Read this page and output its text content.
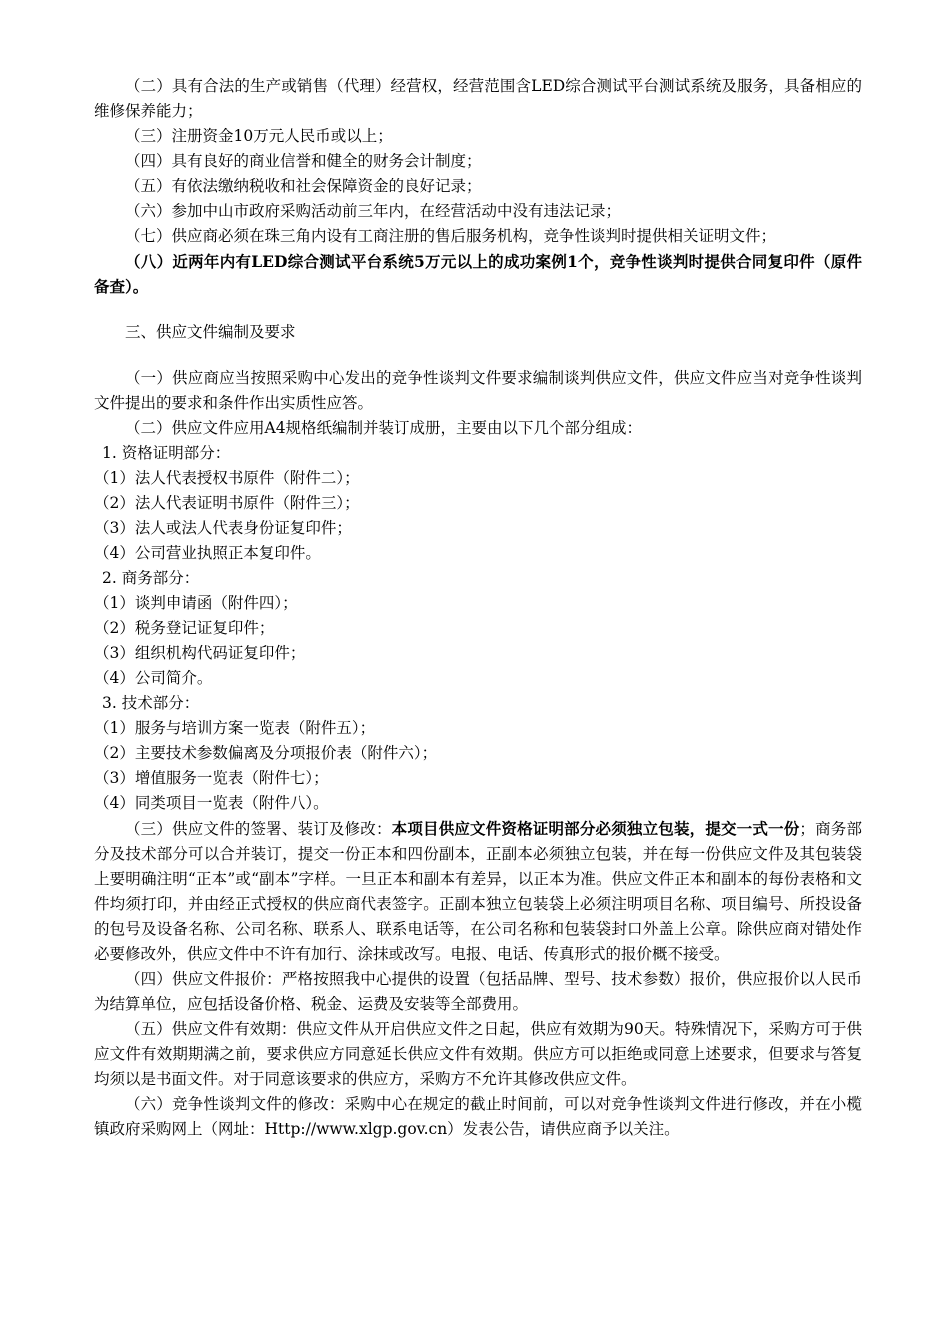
（二）具有合法的生产或销售（代理）经营权，经营范围含LED综合测试平台测试系统及服务，具备相应的维修保养能力；

（三）注册资金10万元人民币或以上；

（四）具有良好的商业信誉和健全的财务会计制度；

（五）有依法缴纳税收和社会保障资金的良好记录；

（六）参加中山市政府采购活动前三年内，在经营活动中没有违法记录；

（七）供应商必须在珠三角内设有工商注册的售后服务机构，竞争性谈判时提供相关证明文件；

（八）近两年内有LED综合测试平台系统5万元以上的成功案例1个，竞争性谈判时提供合同复印件（原件备查）。

三、供应文件编制及要求

（一）供应商应当按照采购中心发出的竞争性谈判文件要求编制谈判供应文件，供应文件应当对竞争性谈判文件提出的要求和条件作出实质性应答。

（二）供应文件应用A4规格纸编制并装订成册，主要由以下几个部分组成：

1. 资格证明部分：

（1）法人代表授权书原件（附件二）；

（2）法人代表证明书原件（附件三）；

（3）法人或法人代表身份证复印件；

（4）公司营业执照正本复印件。

2. 商务部分：

（1）谈判申请函（附件四）；

（2）税务登记证复印件；

（3）组织机构代码证复印件；

（4）公司简介。

3. 技术部分：

（1）服务与培训方案一览表（附件五）；

（2）主要技术参数偏离及分项报价表（附件六）；

（3）增值服务一览表（附件七）；

（4）同类项目一览表（附件八）。

（三）供应文件的签署、装订及修改：本项目供应文件资格证明部分必须独立包装，提交一式一份；商务部分及技术部分可以合并装订，提交一份正本和四份副本，正副本必须独立包装，并在每一份供应文件及其包装袋上要明确注明“正本”或“副本”字样。一旦正本和副本有差异，以正本为准。供应文件正本和副本的每份表格和文件均须打印，并由经正式授权的供应商代表签字。正副本独立包装袋上必须注明项目名称、项目编号、所投设备的包号及设备名称、公司名称、联系人、联系电话等，在公司名称和包装袋封口外盖上公章。除供应商对错处作必要修改外，供应文件中不许有加行、涂抹或改写。电报、电话、传真形式的报价概不接受。

（四）供应文件报价：严格按照我中心提供的设置（包括品牌、型号、技术参数）报价，供应报价以人民币为结算单位，应包括设备价格、税金、运费及安装等全部费用。

（五）供应文件有效期：供应文件从开启供应文件之日起，供应有效期为90天。特殊情况下，采购方可于供应文件有效期期满之前，要求供应方同意延长供应文件有效期。供应方可以拒绝或同意上述要求，但要求与答复均须以是书面文件。对于同意该要求的供应方，采购方不允许其修改供应文件。

（六）竞争性谈判文件的修改：采购中心在规定的截止时间前，可以对竞争性谈判文件进行修改，并在小榄镇政府采购网上（网址：Http://www.xlgp.gov.cn）发表公告，请供应商予以关注。
